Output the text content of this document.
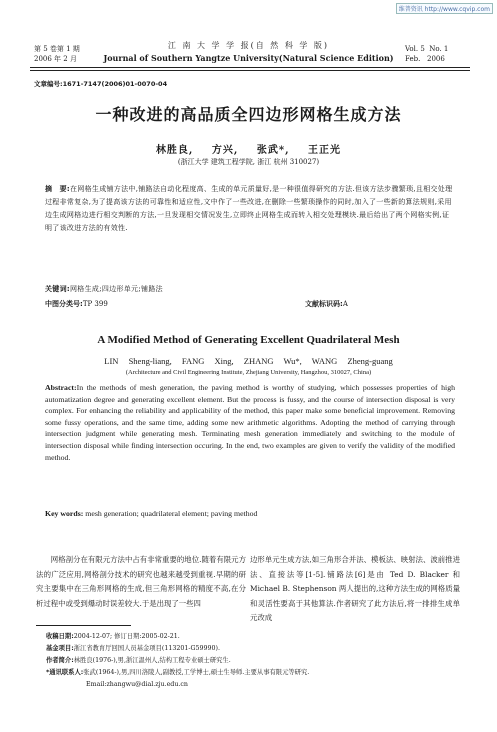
维普资讯 http://www.cqvip.com
第 5 卷第 1 期
2006 年 2 月
江 南 大 学 学 报(自 然 科 学 版)
Journal of Southern Yangtze University(Natural Science Edition)
Vol. 5 No. 1
Feb. 2006
文章编号:1671-7147(2006)01-0070-04
一种改进的高品质全四边形网格生成方法
林胜良, 方兴, 张武*, 王正光
(浙江大学 建筑工程学院, 浙江 杭州 310027)
摘　要:在网格生成铺方法中,铺路法自动化程度高、生成的单元质量好,是一种很值得研究的方法.但该方法步骤繁琐,且相交处理过程非常复杂,为了提高该方法的可靠性和适应性,文中作了一些改进,在删除一些繁琐操作的同时,加入了一些新的算法规则,采用边生成网格边进行相交判断的方法,一旦发现相交情况发生,立即终止网格生成而转入相交处理模块.最后给出了两个网格实例,证明了该改进方法的有效性.
关键词:网格生成;四边形单元;铺路法
中图分类号:TP 399	文献标识码:A
A Modified Method of Generating Excellent Quadrilateral Mesh
LIN Sheng-liang, FANG Xing, ZHANG Wu*, WANG Zheng-guang
(Architecture and Civil Engineering Institute, Zhejiang University, Hangzhou, 310027, China)
Abstract:In the methods of mesh generation, the paving method is worthy of studying, which possesses properties of high automatization degree and generating excellent element. But the process is fussy, and the course of intersection disposal is very complex. For enhancing the reliability and applicability of the method, this paper make some beneficial improvement. Removing some fussy operations, and the same time, adding some new arithmetic algorithms. Adopting the method of carrying through intersection judgment while generating mesh. Terminating mesh generation immediately and switching to the module of intersection disposal while finding intersection occuring. In the end, two examples are given to verify the validity of the modified method.
Key words: mesh generation; quadrilateral element; paving method
网格剖分在有限元方法中占有非常重要的地位.随着有限元方法的广泛应用,网格剖分技术的研究也越来越受到重视.早期的研究主要集中在三角形网格的生成,但三角形网格的精度不高,在分析过程中或受到爆动时误差较大.于是出现了一些四
边形单元生成方法,如三角形合并法、模板法、映射法、波前推进法、直接法等[1-5].铺路法[6]是由 Ted D. Blacker 和 Michael B. Stephenson 两人提出的,这种方法生成的网格质量和灵活性要高于其他算法.作者研究了此方法后,将一排排生成单元改成
收稿日期:2004-12-07; 修订日期:2005-02-21.
基金项目:浙江省教育厅回国人员基金项目(113201-G59990).
作者简介:林胜良(1976-),男,浙江温州人,结构工程专业硕士研究生.
*通讯联系人:张武(1964-),男,四川洛陵人,副教授,工学博士,硕士生导师.主要从事有限元等研究.
Email:zhangwu@dial.zju.edu.cn
